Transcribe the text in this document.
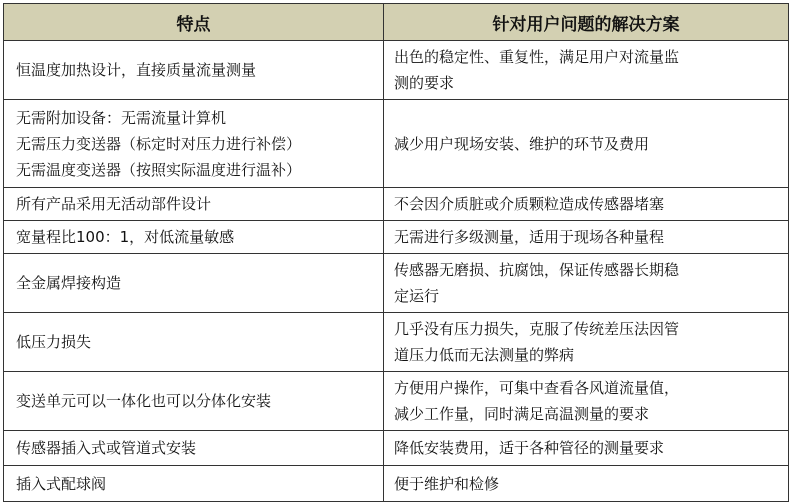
特点	针对用户问题的解决方案

恒温度加热设计，直接质量流量测量	出色的稳定性、重复性，满足用户对流量监
测的要求

无需附加设备：无需流量计算机
无需压力变送器（标定时对压力进行补偿）
无需温度变送器（按照实际温度进行温补）	减少用户现场安装、维护的环节及费用

所有产品采用无活动部件设计	不会因介质脏或介质颗粒造成传感器堵塞

宽量程比100：1，对低流量敏感	无需进行多级测量，适用于现场各种量程

全金属焊接构造	传感器无磨损、抗腐蚀，保证传感器长期稳
定运行

低压力损失	几乎没有压力损失，克服了传统差压法因管
道压力低而无法测量的弊病

变送单元可以一体化也可以分体化安装	方便用户操作，可集中查看各风道流量值，
减少工作量，同时满足高温测量的要求

传感器插入式或管道式安装	降低安装费用，适于各种管径的测量要求

插入式配球阀	便于维护和检修
